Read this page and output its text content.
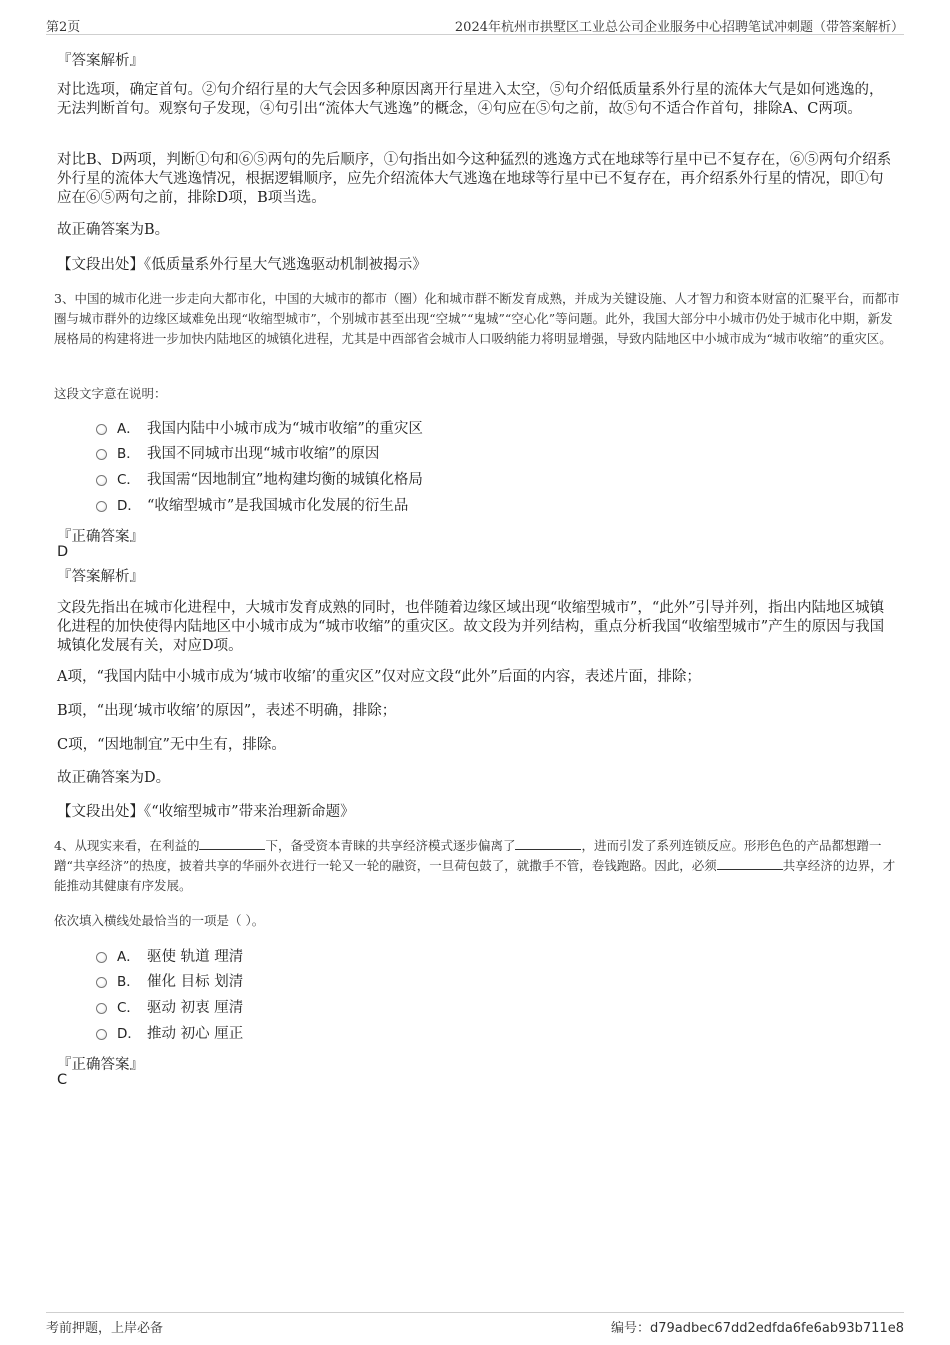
第2页	2024年杭州市拱墅区工业总公司企业服务中心招聘笔试冲刺题（带答案解析）
『答案解析』
对比选项，确定首句。②句介绍行星的大气会因多种原因离开行星进入太空，⑤句介绍低质量系外行星的流体大气是如何逃逸的，无法判断首句。观察句子发现，④句引出“流体大气逃逸”的概念，④句应在⑤句之前，故⑤句不适合作首句，排除A、C两项。
对比B、D两项，判断①句和⑥⑤两句的先后顺序，①句指出如今这种猛烈的逃逸方式在地球等行星中已不复存在，⑥⑤两句介绍系外行星的流体大气逃逸情况，根据逻辑顺序，应先介绍流体大气逃逸在地球等行星中已不复存在，再介绍系外行星的情况，即①句应在⑥⑤两句之前，排除D项，B项当选。
故正确答案为B。
【文段出处】《低质量系外行星大气逃逸驱动机制被揭示》
3、中国的城市化进一步走向大都市化，中国的大城市的都市（圈）化和城市群不断发育成熟，并成为关键设施、人才智力和资本财富的汇聚平台，而都市圈与城市群外的边缘区域难免出现“收缩型城市”，个别城市甚至出现“空城”“鬼城”“空心化”等问题。此外，我国大部分中小城市仍处于城市化中期，新发展格局的构建将进一步加快内陆地区的城镇化进程，尤其是中西部省会城市人口吸纳能力将明显增强，导致内陆地区中小城市成为“城市收缩”的重灾区。
这段文字意在说明：
A． 我国内陆中小城市成为“城市收缩”的重灾区
B． 我国不同城市出现“城市收缩”的原因
C． 我国需“因地制宜”地构建均衡的城镇化格局
D． “收缩型城市”是我国城市化发展的衍生品
『正确答案』
D
『答案解析』
文段先指出在城市化进程中，大城市发育成熟的同时，也伴随着边缘区域出现“收缩型城市”，“此外”引导并列，指出内陆地区城镇化进程的加快使得内陆地区中小城市成为“城市收缩”的重灾区。故文段为并列结构，重点分析我国“收缩型城市”产生的原因与我国城镇化发展有关，对应D项。
A项，“我国内陆中小城市成为‘城市收缩’的重灾区”仅对应文段“此外”后面的内容，表述片面，排除；
B项，“出现‘城市收缩’的原因”，表述不明确，排除；
C项，“因地制宜”无中生有，排除。
故正确答案为D。
【文段出处】《“收缩型城市”带来治理新命题》
4、从现实来看，在利益的	下，备受资本青睐的共享经济模式逐步偏离了	，进而引发了系列连锁反应。形形色色的产品都想蹭一蹭“共享经济”的热度，披着共享的华丽外衣进行一轮又一轮的融资，一旦荷包鼓了，就撒手不管，卷钱跑路。因此，必须	共享经济的边界，才能推动其健康有序发展。
依次填入横线处最恰当的一项是（ ）。
A． 驱使 轨道 理清
B． 催化 目标 划清
C． 驱动 初衷 厘清
D． 推动 初心 厘正
『正确答案』
C
考前押题，上岸必备	编号：d79adbec67dd2edfda6fe6ab93b711e8
